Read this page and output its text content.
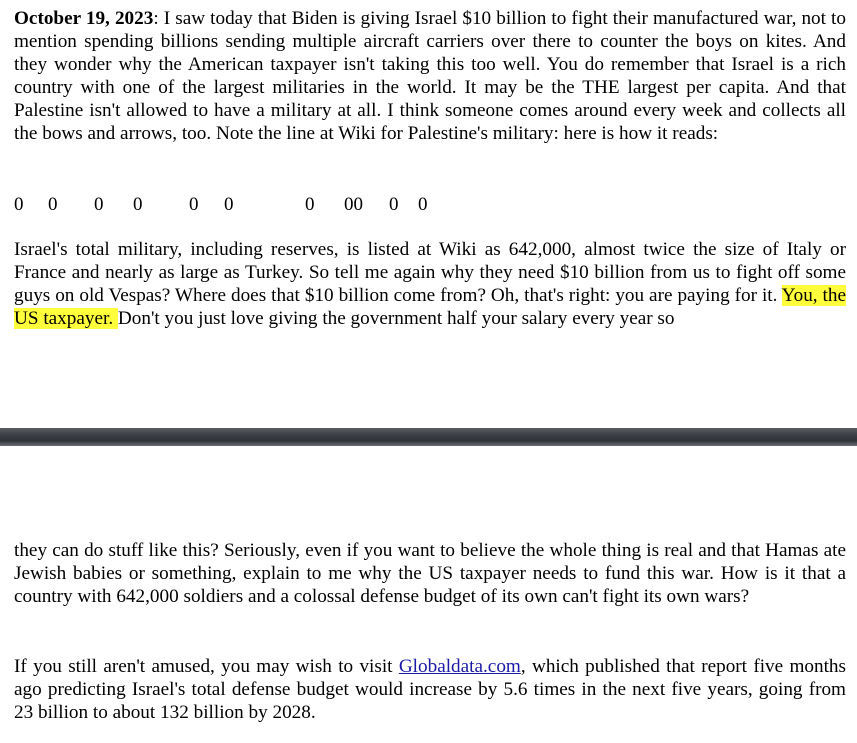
October 19, 2023: I saw today that Biden is giving Israel $10 billion to fight their manufactured war, not to mention spending billions sending multiple aircraft carriers over there to counter the boys on kites. And they wonder why the American taxpayer isn't taking this too well. You do remember that Israel is a rich country with one of the largest militaries in the world. It may be the THE largest per capita. And that Palestine isn't allowed to have a military at all. I think someone comes around every week and collects all the bows and arrows, too. Note the line at Wiki for Palestine's military: here is how it reads:

0 0 0 0 0 0	0 00 0 0

Israel's total military, including reserves, is listed at Wiki as 642,000, almost twice the size of Italy or France and nearly as large as Turkey. So tell me again why they need $10 billion from us to fight off some guys on old Vespas? Where does that $10 billion come from? Oh, that's right: you are paying for it. You, the US taxpayer. Don't you just love giving the government half your salary every year so

they can do stuff like this? Seriously, even if you want to believe the whole thing is real and that Hamas ate Jewish babies or something, explain to me why the US taxpayer needs to fund this war. How is it that a country with 642,000 soldiers and a colossal defense budget of its own can't fight its own wars?

If you still aren't amused, you may wish to visit Globaldata.com, which published that report five months ago predicting Israel's total defense budget would increase by 5.6 times in the next five years, going from 23 billion to about 132 billion by 2028.
